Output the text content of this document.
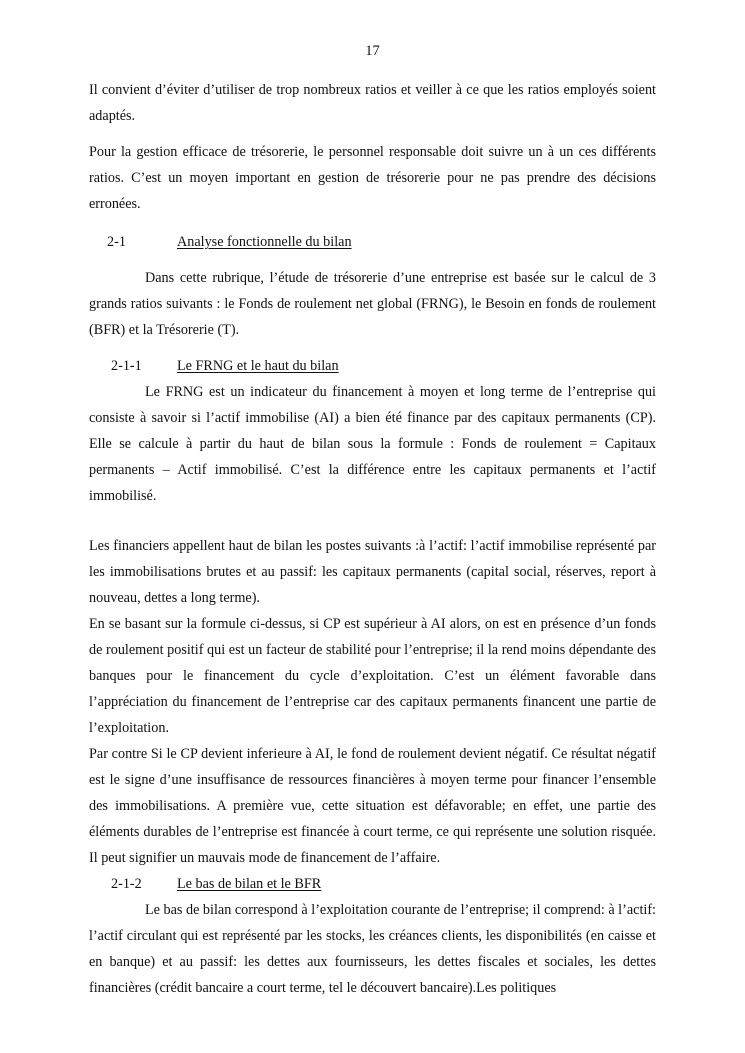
17

Il convient d’éviter d’utiliser de trop nombreux ratios et veiller à ce que les ratios employés soient adaptés.

Pour la gestion efficace de trésorerie, le personnel responsable doit suivre un à un ces différents ratios. C’est un moyen important en gestion de trésorerie pour ne pas prendre des décisions erronées.

2-1	Analyse fonctionnelle du bilan

Dans cette rubrique, l’étude de trésorerie d’une entreprise est basée sur le calcul de 3 grands ratios suivants : le Fonds de roulement net global (FRNG), le Besoin en fonds de roulement (BFR) et la Trésorerie (T).

2-1-1	Le FRNG et le haut du bilan

Le FRNG est un indicateur du financement à moyen et long terme de l’entreprise qui consiste à savoir si l’actif immobilise (AI) a bien été finance par des capitaux permanents (CP). Elle se calcule à partir du haut de bilan sous la formule : Fonds de roulement = Capitaux permanents – Actif immobilisé. C’est la différence entre les capitaux permanents et l’actif immobilisé.

Les financiers appellent haut de bilan les postes suivants :à l’actif: l’actif immobilise représenté par les immobilisations brutes et au passif: les capitaux permanents (capital social, réserves, report à nouveau, dettes a long terme).

En se basant sur la formule ci-dessus, si CP est supérieur à AI alors, on est en présence d’un fonds de roulement positif qui est un facteur de stabilité pour l’entreprise; il la rend moins dépendante des banques pour le financement du cycle d’exploitation. C’est un élément favorable dans l’appréciation du financement de l’entreprise car des capitaux permanents financent une partie de l’exploitation.

Par contre Si le CP devient inferieure à AI, le fond de roulement devient négatif. Ce résultat négatif est le signe d’une insuffisance de ressources financières à moyen terme pour financer l’ensemble des immobilisations. A première vue, cette situation est défavorable; en effet, une partie des éléments durables de l’entreprise est financée à court terme, ce qui représente une solution risquée. Il peut signifier un mauvais mode de financement de l’affaire.

2-1-2	Le bas de bilan et le BFR

Le bas de bilan correspond à l’exploitation courante de l’entreprise; il comprend: à l’actif: l’actif circulant qui est représenté par les stocks, les créances clients, les disponibilités (en caisse et en banque) et au passif: les dettes aux fournisseurs, les dettes fiscales et sociales, les dettes financières (crédit bancaire a court terme, tel le découvert bancaire).Les politiques
